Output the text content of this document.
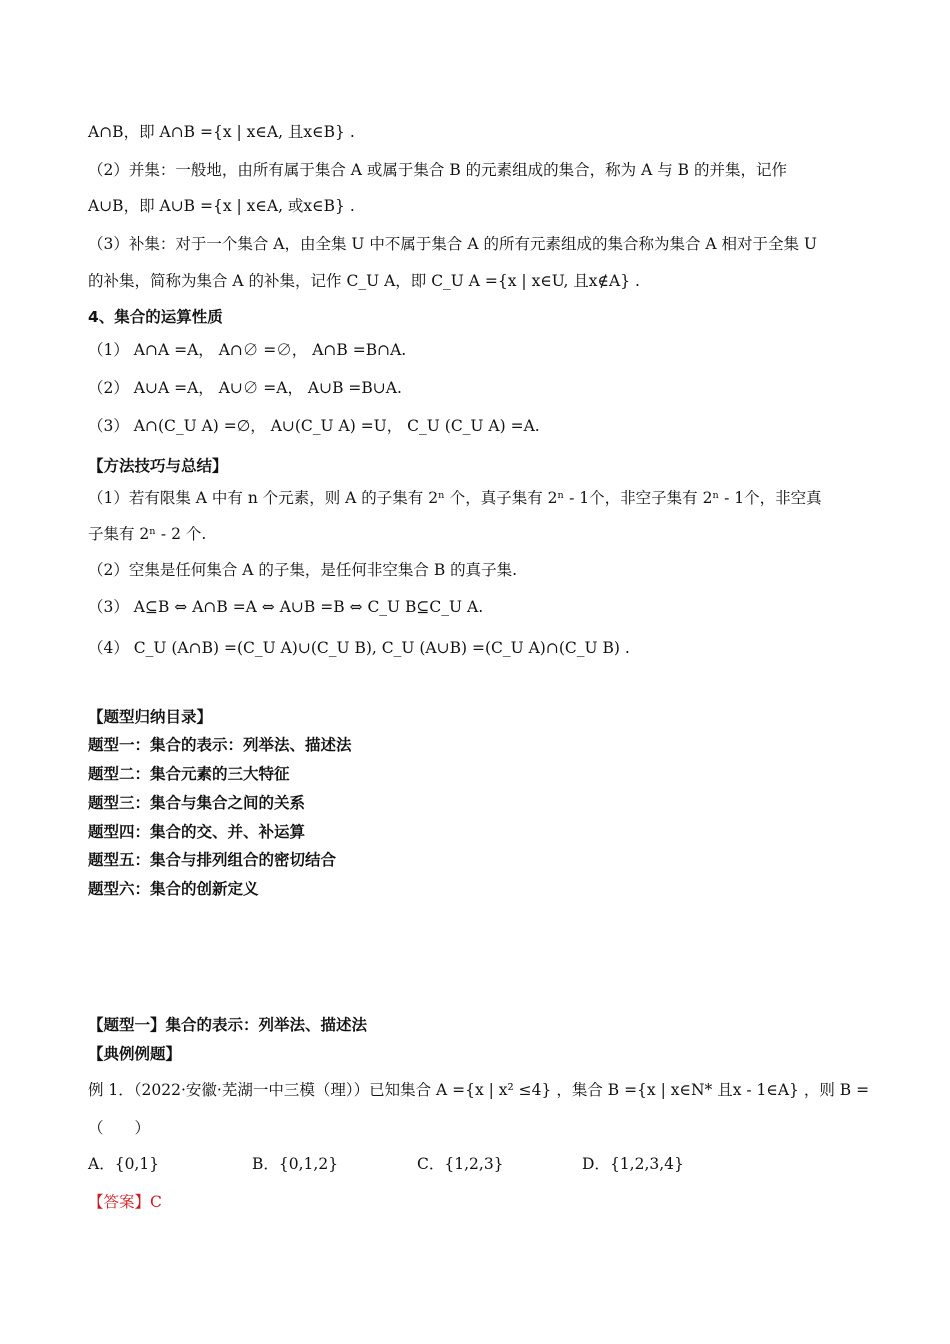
A∩B，即 A∩B ={x | x∈A, 且x∈B} .
（2）并集：一般地，由所有属于集合 A 或属于集合 B 的元素组成的集合，称为 A 与 B 的并集，记作
A∪B，即 A∪B ={x | x∈A, 或x∈B} .
（3）补集：对于一个集合 A，由全集 U 中不属于集合 A 的所有元素组成的集合称为集合 A 相对于全集 U
的补集，简称为集合 A 的补集，记作 C_U A，即 C_U A ={x | x∈U, 且x∉A} .
4、集合的运算性质
（1） A∩A =A， A∩∅ =∅， A∩B =B∩A.
（2） A∪A =A， A∪∅ =A， A∪B =B∪A.
（3） A∩(C_U A) =∅， A∪(C_U A) =U， C_U (C_U A) =A.
【方法技巧与总结】
（1）若有限集 A 中有 n 个元素，则 A 的子集有 2ⁿ 个，真子集有 2ⁿ - 1个，非空子集有 2ⁿ - 1个，非空真
子集有 2ⁿ - 2 个.
（2）空集是任何集合 A 的子集，是任何非空集合 B 的真子集.
（3） A⊆B ⇔ A∩B =A ⇔ A∪B =B ⇔ C_U B⊆C_U A.
（4） C_U (A∩B) =(C_U A)∪(C_U B), C_U (A∪B) =(C_U A)∩(C_U B) .
【题型归纳目录】
题型一：集合的表示：列举法、描述法
题型二：集合元素的三大特征
题型三：集合与集合之间的关系
题型四：集合的交、并、补运算
题型五：集合与排列组合的密切结合
题型六：集合的创新定义
【题型一】集合的表示：列举法、描述法
【典例例题】
例 1．（2022·安徽·芜湖一中三模（理））已知集合 A ={x | x² ≤4} ，集合 B ={x | x∈N* 且x - 1∈A} ，则 B =
（　　）
A．{0,1}	B．{0,1,2}	C．{1,2,3}	D．{1,2,3,4}
【答案】C
